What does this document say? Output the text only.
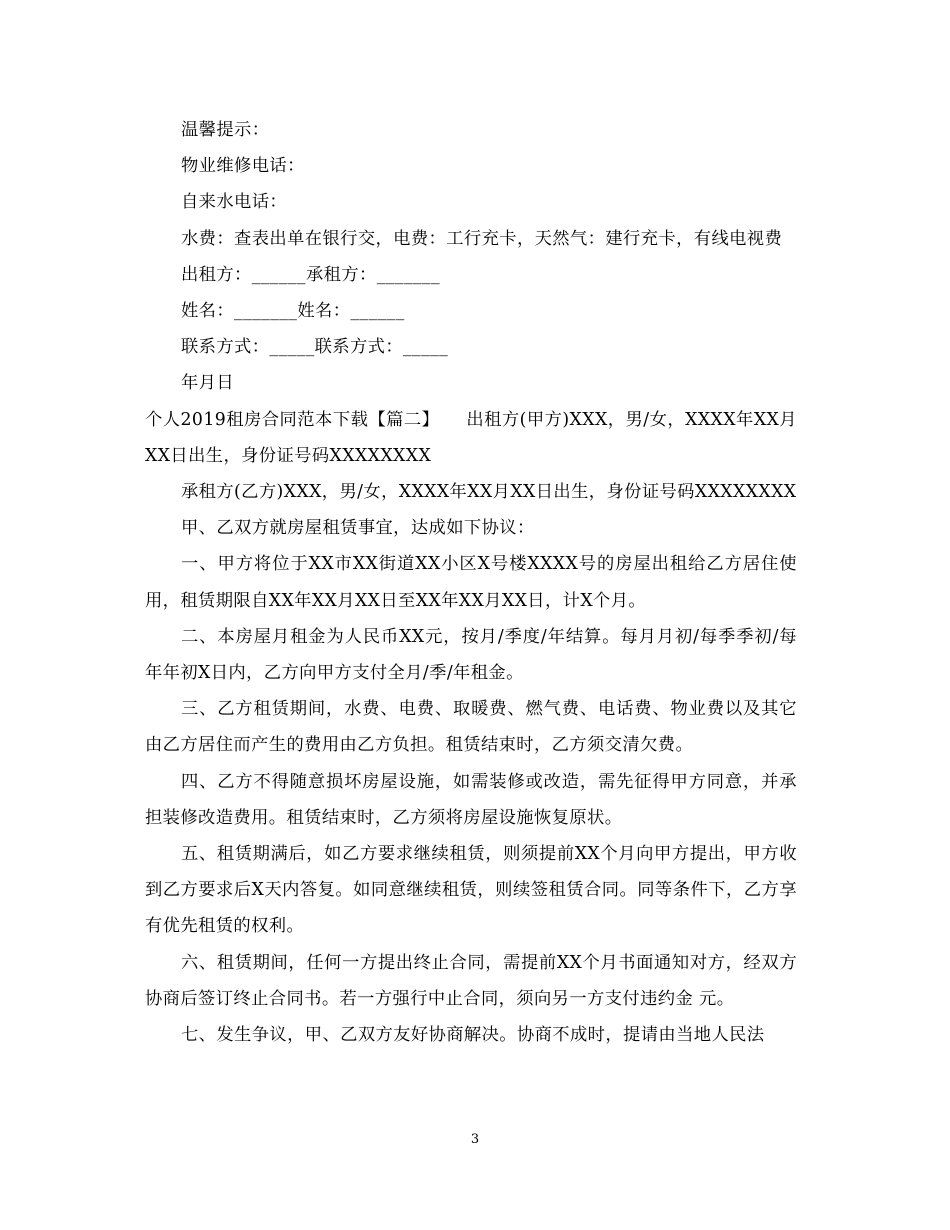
温馨提示：

物业维修电话：

自来水电话：

水费：查表出单在银行交，电费：工行充卡，天然气：建行充卡，有线电视费

出租方：______承租方：_______

姓名：_______姓名：______

联系方式：_____联系方式：_____

年月日

个人2019租房合同范本下载【篇二】　　出租方(甲方)XXX，男/女，XXXX年XX月XX日出生，身份证号码XXXXXXXX

承租方(乙方)XXX，男/女，XXXX年XX月XX日出生，身份证号码XXXXXXXX

甲、乙双方就房屋租赁事宜，达成如下协议：

一、甲方将位于XX市XX街道XX小区X号楼XXXX号的房屋出租给乙方居住使用，租赁期限自XX年XX月XX日至XX年XX月XX日，计X个月。

二、本房屋月租金为人民币XX元，按月/季度/年结算。每月月初/每季季初/每年年初X日内，乙方向甲方支付全月/季/年租金。

三、乙方租赁期间，水费、电费、取暖费、燃气费、电话费、物业费以及其它由乙方居住而产生的费用由乙方负担。租赁结束时，乙方须交清欠费。

四、乙方不得随意损坏房屋设施，如需装修或改造，需先征得甲方同意，并承担装修改造费用。租赁结束时，乙方须将房屋设施恢复原状。

五、租赁期满后，如乙方要求继续租赁，则须提前XX个月向甲方提出，甲方收到乙方要求后X天内答复。如同意继续租赁，则续签租赁合同。同等条件下，乙方享有优先租赁的权利。

六、租赁期间，任何一方提出终止合同，需提前XX个月书面通知对方，经双方协商后签订终止合同书。若一方强行中止合同，须向另一方支付违约金 元。

七、发生争议，甲、乙双方友好协商解决。协商不成时，提请由当地人民法

3
